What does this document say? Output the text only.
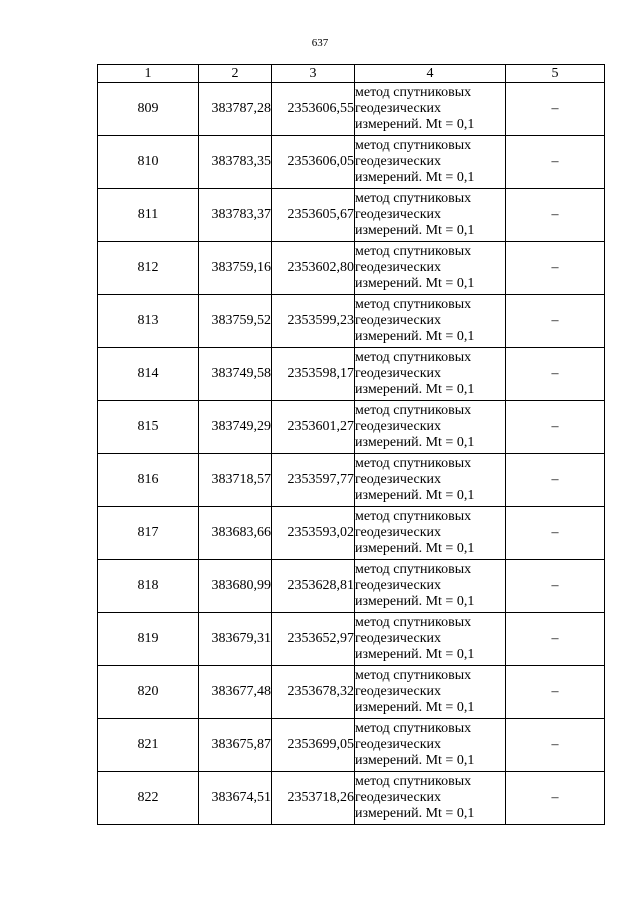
637
1	2	3	4	5
809	383787,28	2353606,55	метод спутниковых
геодезических
измерений. Mt = 0,1	–
810	383783,35	2353606,05	метод спутниковых
геодезических
измерений. Mt = 0,1	–
811	383783,37	2353605,67	метод спутниковых
геодезических
измерений. Mt = 0,1	–
812	383759,16	2353602,80	метод спутниковых
геодезических
измерений. Mt = 0,1	–
813	383759,52	2353599,23	метод спутниковых
геодезических
измерений. Mt = 0,1	–
814	383749,58	2353598,17	метод спутниковых
геодезических
измерений. Mt = 0,1	–
815	383749,29	2353601,27	метод спутниковых
геодезических
измерений. Mt = 0,1	–
816	383718,57	2353597,77	метод спутниковых
геодезических
измерений. Mt = 0,1	–
817	383683,66	2353593,02	метод спутниковых
геодезических
измерений. Mt = 0,1	–
818	383680,99	2353628,81	метод спутниковых
геодезических
измерений. Mt = 0,1	–
819	383679,31	2353652,97	метод спутниковых
геодезических
измерений. Mt = 0,1	–
820	383677,48	2353678,32	метод спутниковых
геодезических
измерений. Mt = 0,1	–
821	383675,87	2353699,05	метод спутниковых
геодезических
измерений. Mt = 0,1	–
822	383674,51	2353718,26	метод спутниковых
геодезических
измерений. Mt = 0,1	–
